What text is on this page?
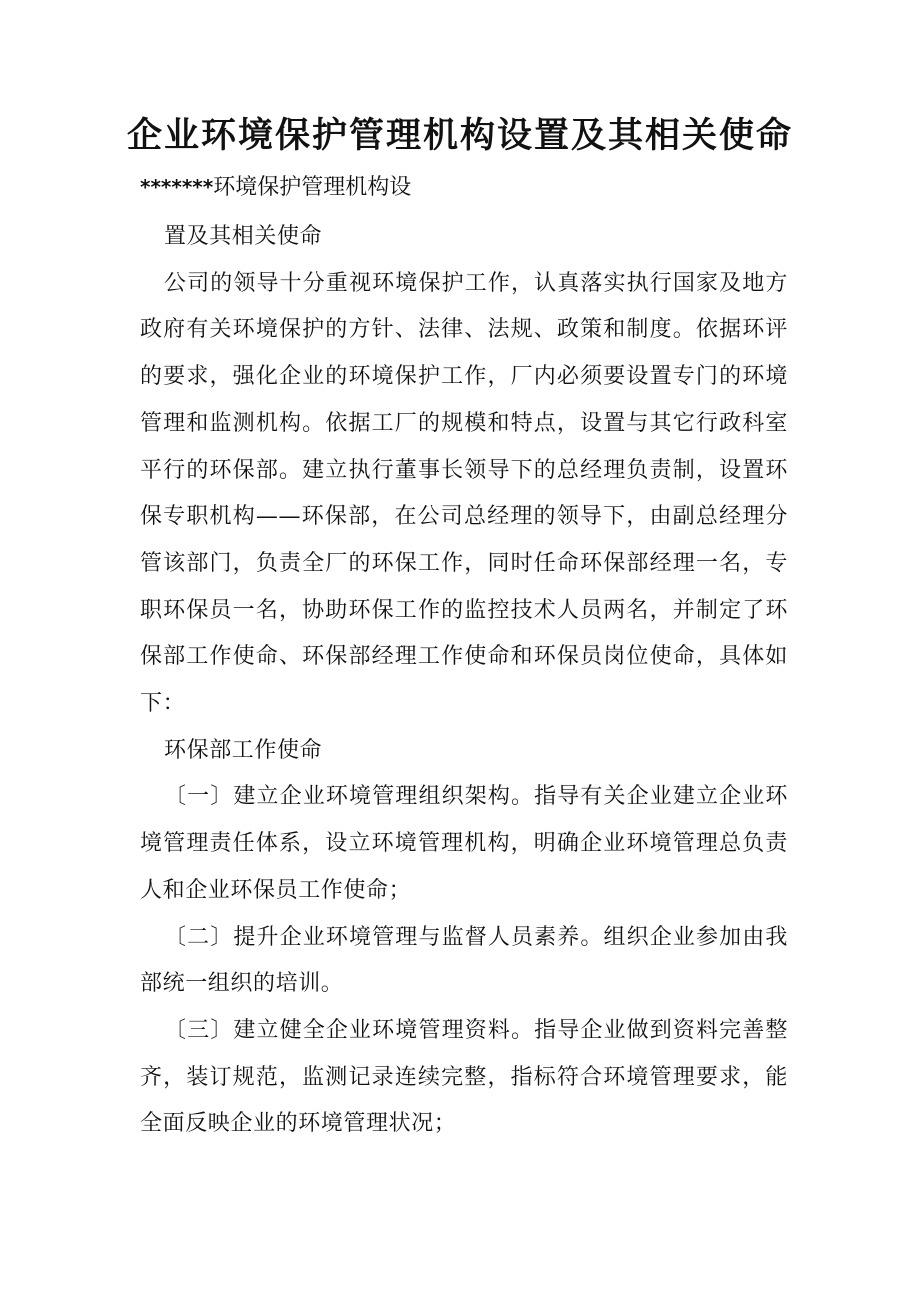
企业环境保护管理机构设置及其相关使命
*******环境保护管理机构设

置及其相关使命

公司的领导十分重视环境保护工作，认真落实执行国家及地方政府有关环境保护的方针、法律、法规、政策和制度。依据环评的要求，强化企业的环境保护工作，厂内必须要设置专门的环境管理和监测机构。依据工厂的规模和特点，设置与其它行政科室平行的环保部。建立执行董事长领导下的总经理负责制，设置环保专职机构——环保部，在公司总经理的领导下，由副总经理分管该部门，负责全厂的环保工作，同时任命环保部经理一名，专职环保员一名，协助环保工作的监控技术人员两名，并制定了环保部工作使命、环保部经理工作使命和环保员岗位使命，具体如下：

环保部工作使命

〔一〕建立企业环境管理组织架构。指导有关企业建立企业环境管理责任体系，设立环境管理机构，明确企业环境管理总负责人和企业环保员工作使命；

〔二〕提升企业环境管理与监督人员素养。组织企业参加由我部统一组织的培训。

〔三〕建立健全企业环境管理资料。指导企业做到资料完善整齐，装订规范，监测记录连续完整，指标符合环境管理要求，能全面反映企业的环境管理状况；
